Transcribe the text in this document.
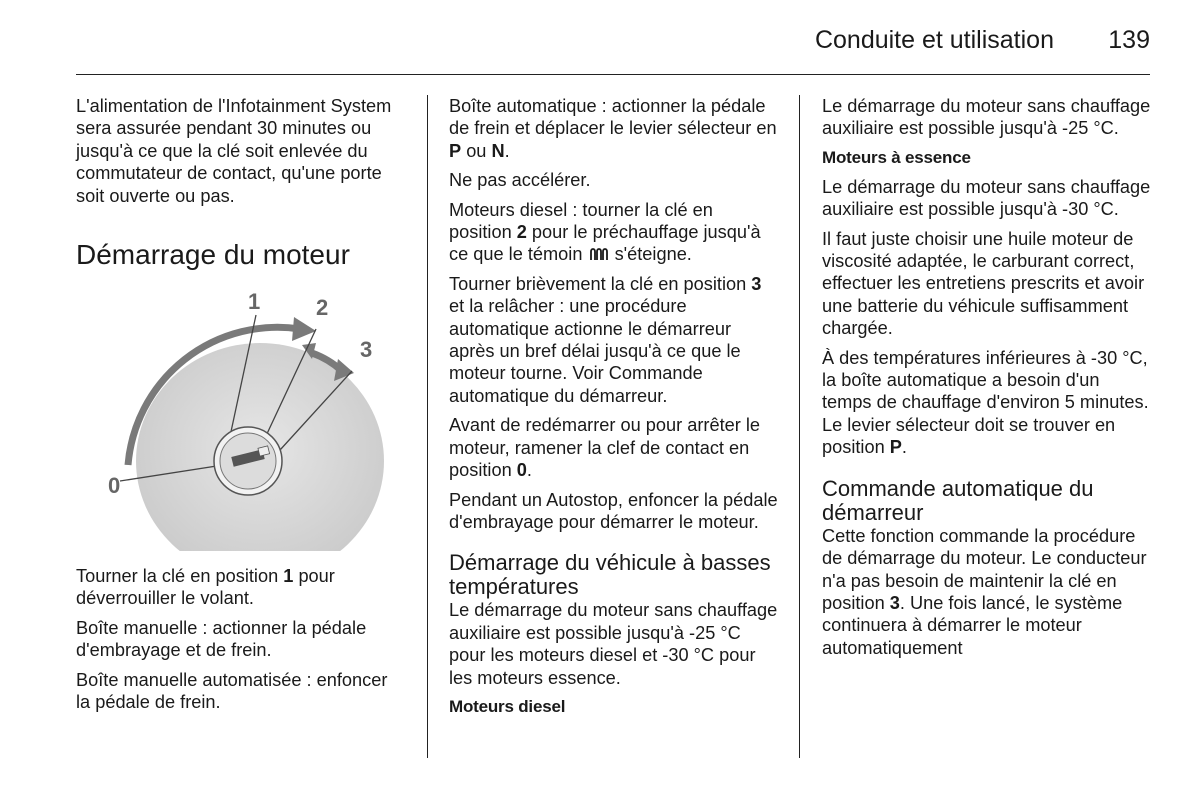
Conduite et utilisation 139

L'alimentation de l'Infotainment System sera assurée pendant 30 minutes ou jusqu'à ce que la clé soit enlevée du commutateur de contact, qu'une porte soit ouverte ou pas.

Démarrage du moteur
0
1	2
3

Tourner la clé en position 1 pour déverrouiller le volant.

Boîte manuelle : actionner la pédale d'embrayage et de frein.

Boîte manuelle automatisée : enfoncer la pédale de frein.

Boîte automatique : actionner la pédale de frein et déplacer le levier sélecteur en P ou N.

Ne pas accélérer.

Moteurs diesel : tourner la clé en position 2 pour le préchauffage jusqu'à ce que le témoin  s'éteigne.

Tourner brièvement la clé en position 3 et la relâcher : une procédure automatique actionne le démarreur après un bref délai jusqu'à ce que le moteur tourne. Voir Commande automatique du démarreur.

Avant de redémarrer ou pour arrêter le moteur, ramener la clef de contact en position 0.

Pendant un Autostop, enfoncer la pédale d'embrayage pour démarrer le moteur.

Démarrage du véhicule à basses températures

Le démarrage du moteur sans chauffage auxiliaire est possible jusqu'à -25 °C pour les moteurs diesel et -30 °C pour les moteurs essence.

Moteurs diesel

Le démarrage du moteur sans chauffage auxiliaire est possible jusqu'à -25 °C.

Moteurs à essence

Le démarrage du moteur sans chauffage auxiliaire est possible jusqu'à -30 °C.

Il faut juste choisir une huile moteur de viscosité adaptée, le carburant correct, effectuer les entretiens prescrits et avoir une batterie du véhicule suffisamment chargée.

À des températures inférieures à -30 °C, la boîte automatique a besoin d'un temps de chauffage d'environ 5 minutes. Le levier sélecteur doit se trouver en position P.

Commande automatique du démarreur

Cette fonction commande la procédure de démarrage du moteur. Le conducteur n'a pas besoin de maintenir la clé en position 3. Une fois lancé, le système continuera à démarrer le moteur automatiquement
